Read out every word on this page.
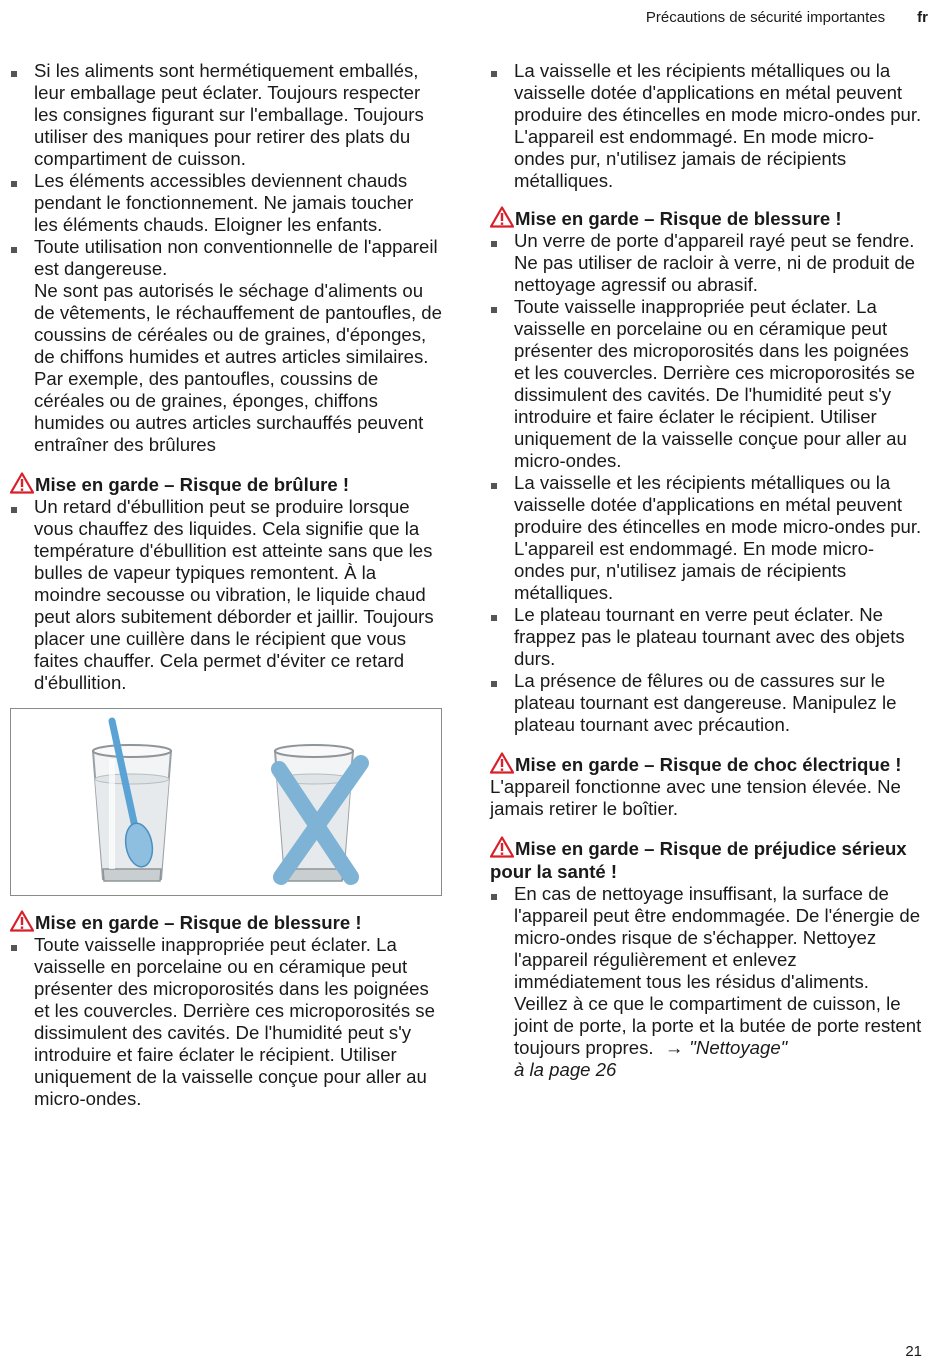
Précautions de sécurité importantes fr
Si les aliments sont hermétiquement emballés, leur emballage peut éclater. Toujours respecter les consignes figurant sur l'emballage. Toujours utiliser des maniques pour retirer des plats du compartiment de cuisson.
Les éléments accessibles deviennent chauds pendant le fonctionnement. Ne jamais toucher les éléments chauds. Eloigner les enfants.

Toute utilisation non conventionnelle de l'appareil est dangereuse.

Ne sont pas autorisés le séchage d'aliments ou de vêtements, le réchauffement de pantoufles, de coussins de céréales ou de graines, d'éponges, de chiffons humides et autres articles similaires.

Par exemple, des pantoufles, coussins de céréales ou de graines, éponges, chiffons humides ou autres articles surchauffés peuvent entraîner des brûlures

Mise en garde – Risque de brûlure !

Un retard d'ébullition peut se produire lorsque vous chauffez des liquides. Cela signifie que la température d'ébullition est atteinte sans que les bulles de vapeur typiques remontent. À la moindre secousse ou vibration, le liquide chaud peut alors subitement déborder et jaillir. Toujours placer une cuillère dans le récipient que vous faites chauffer. Cela permet d'éviter ce retard d'ébullition.

Mise en garde – Risque de blessure !

Toute vaisselle inappropriée peut éclater. La vaisselle en porcelaine ou en céramique peut présenter des microporosités dans les poignées et les couvercles. Derrière ces microporosités se dissimulent des cavités. De l'humidité peut s'y introduire et faire éclater le récipient. Utiliser uniquement de la vaisselle conçue pour aller au micro-ondes.
La vaisselle et les récipients métalliques ou la vaisselle dotée d'applications en métal peuvent produire des étincelles en mode micro-ondes pur. L'appareil est endommagé. En mode micro-ondes pur, n'utilisez jamais de récipients métalliques.

Mise en garde – Risque de blessure !

Un verre de porte d'appareil rayé peut se fendre. Ne pas utiliser de racloir à verre, ni de produit de nettoyage agressif ou abrasif.
Toute vaisselle inappropriée peut éclater. La vaisselle en porcelaine ou en céramique peut présenter des microporosités dans les poignées et les couvercles. Derrière ces microporosités se dissimulent des cavités. De l'humidité peut s'y introduire et faire éclater le récipient. Utiliser uniquement de la vaisselle conçue pour aller au micro-ondes.
La vaisselle et les récipients métalliques ou la vaisselle dotée d'applications en métal peuvent produire des étincelles en mode micro-ondes pur. L'appareil est endommagé. En mode micro-ondes pur, n'utilisez jamais de récipients métalliques.
Le plateau tournant en verre peut éclater. Ne frappez pas le plateau tournant avec des objets durs.
La présence de fêlures ou de cassures sur le plateau tournant est dangereuse. Manipulez le plateau tournant avec précaution.

Mise en garde – Risque de choc électrique !

L'appareil fonctionne avec une tension élevée. Ne jamais retirer le boîtier.

Mise en garde – Risque de préjudice sérieux pour la santé !

En cas de nettoyage insuffisant, la surface de l'appareil peut être endommagée. De l'énergie de micro-ondes risque de s'échapper. Nettoyez l'appareil régulièrement et enlevez immédiatement tous les résidus d'aliments. Veillez à ce que le compartiment de cuisson, le joint de porte, la porte et la butée de porte restent toujours propres. → "Nettoyage"
à la page 26
21
